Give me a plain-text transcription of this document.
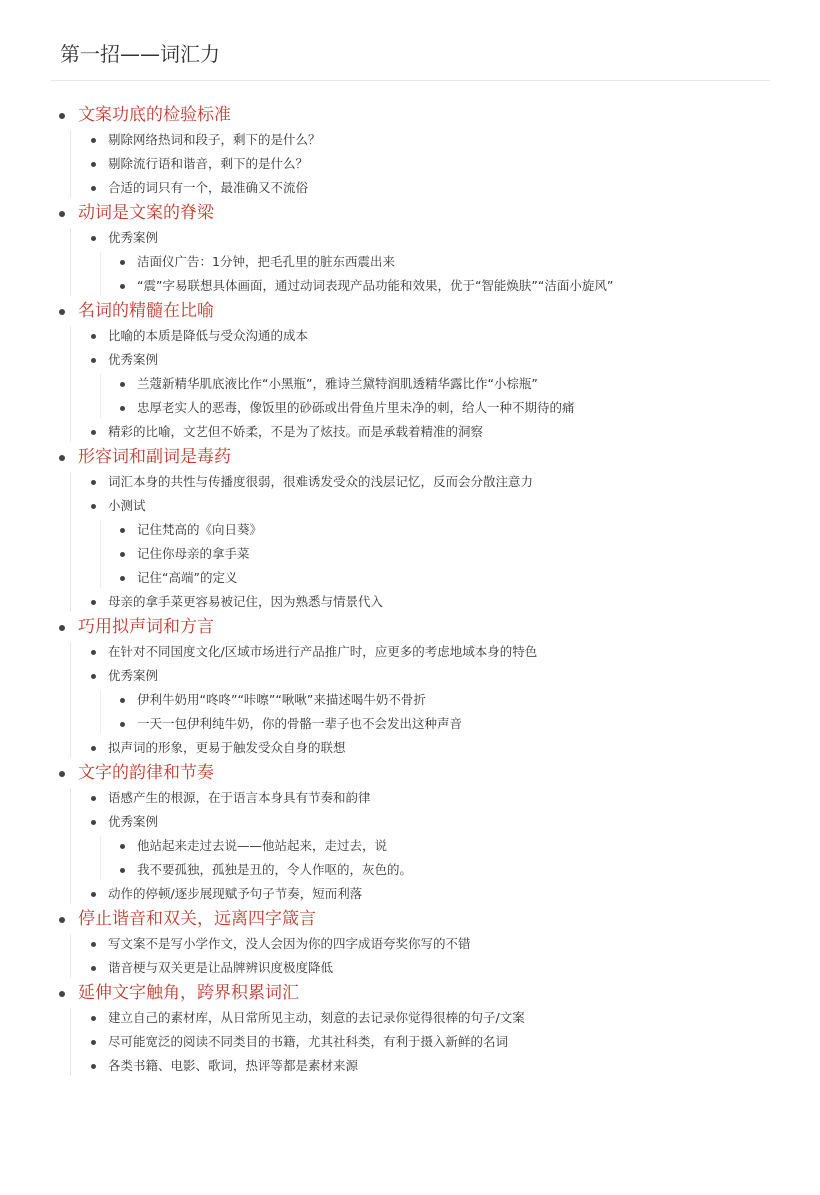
第一招——词汇力
文案功底的检验标准
剔除网络热词和段子，剩下的是什么？
剔除流行语和谐音，剩下的是什么？
合适的词只有一个，最准确又不流俗
动词是文案的脊梁
优秀案例
洁面仪广告：1分钟，把毛孔里的脏东西震出来
“震”字易联想具体画面，通过动词表现产品功能和效果，优于“智能焕肤”“洁面小旋风”
名词的精髓在比喻
比喻的本质是降低与受众沟通的成本
优秀案例
兰蔻新精华肌底液比作“小黑瓶”，雅诗兰黛特润肌透精华露比作“小棕瓶”
忠厚老实人的恶毒，像饭里的砂砾或出骨鱼片里未净的刺，给人一种不期待的痛
精彩的比喻，文艺但不娇柔，不是为了炫技。而是承载着精准的洞察
形容词和副词是毒药
词汇本身的共性与传播度很弱，很难诱发受众的浅层记忆，反而会分散注意力
小测试
记住梵高的《向日葵》
记住你母亲的拿手菜
记住“高端”的定义
母亲的拿手菜更容易被记住，因为熟悉与情景代入
巧用拟声词和方言
在针对不同国度文化/区域市场进行产品推广时，应更多的考虑地域本身的特色
优秀案例
伊利牛奶用“咚咚”“咔嚓”“啾啾”来描述喝牛奶不骨折
一天一包伊利纯牛奶，你的骨骼一辈子也不会发出这种声音
拟声词的形象，更易于触发受众自身的联想
文字的韵律和节奏
语感产生的根源，在于语言本身具有节奏和韵律
优秀案例
他站起来走过去说——他站起来，走过去，说
我不要孤独，孤独是丑的，令人作呕的，灰色的。
动作的停顿/逐步展现赋予句子节奏，短而利落
停止谐音和双关，远离四字箴言
写文案不是写小学作文，没人会因为你的四字成语夸奖你写的不错
谐音梗与双关更是让品牌辨识度极度降低
延伸文字触角，跨界积累词汇
建立自己的素材库，从日常所见主动，刻意的去记录你觉得很棒的句子/文案
尽可能宽泛的阅读不同类目的书籍，尤其社科类，有利于摄入新鲜的名词
各类书籍、电影、歌词，热评等都是素材来源
